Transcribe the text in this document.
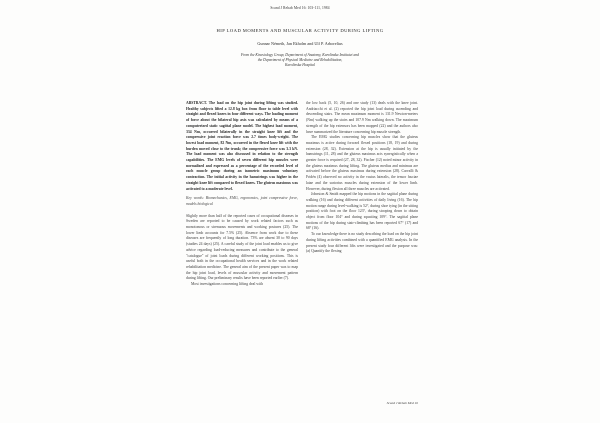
Scand J Rehab Med 16: 103-111, 1984
HIP LOAD MOMENTS AND MUSCULAR ACTIVITY DURING LIFTING
Gunnar Németh, Jan Ekholm and Ulf P. Arborelius
From the Kinesiology Group, Department of Anatomy, Karolinska Institutet and
the Department of Physical Medicine and Rehabilitation,
Karolinska Hospital

ABSTRACT. The load on the hip joint during lifting was studied. Healthy subjects lifted a 12.8 kg box from floor to table level with straight and flexed knees in four different ways. The loading moment of force about the bilateral hip axis was calculated by means of a computerized static sagittal plane model. The highest load moment, 334 Nm, occurred bilaterally in the straight knee lift and the compressive joint reaction force was 2.7 times body-weight. The lowest load moment, 82 Nm, occurred in the flexed knee lift with the burden moved close to the trunk; the compressive force was 3.3 kN. The load moment was also discussed in relation to the strength capabilities. The EMG levels of seven different hip muscles were normalized and expressed as a percentage of the recorded level of each muscle group during an isometric maximum voluntary contraction. The initial activity in the hamstrings was higher in the straight knee lift compared to flexed knees. The gluteus maximus was activated to a moderate level.

Key words: Biomechanics, EMG, ergonomics, joint compressive force, models biological

Slightly more than half of the reported cases of occupational diseases in Sweden are reported to be caused by work related factors such as monotonous or strenuous movements and working postures (25). The lower limb accounts for 7.5% (25). Absence from work due to these diseases are frequently of long duration. 73% are absent 30 to 90 days (studies 24 days) (25). A careful study of the joint load enables us to give advice regarding load-reducing measures and contribute to the general "catalogue" of joint loads during different working positions. This is useful both in the occupational health services and in the work related rehabilitation medicine. The general aim of the present paper was to map the hip joint load, levels of muscular activity and movement pattern during lifting. Our preliminary results have been reported earlier (7).

Most investigations concerning lifting deal with

the low back (5, 10, 26) and one study (13) deals with the knee joint. Andriacchi et al. (2) reported the hip joint load during ascending and descending stairs. The mean maximum moment is 131.9 Newton-meters (Nm) walking up the stairs and 107.9 Nm walking down. The maximum strength of the hip extensors has been mapped (22) and the authors also have summarized the literature concerning hip muscle strength.

The EMG studies concerning hip muscles show that the gluteus maximus is active during forward flexed positions (18, 19) and during extension (28, 32). Extension at the hip is usually initiated by the hamstrings (11, 28) and the gluteus maximus acts synergistically when a greater force is required (27, 28, 32). Fischer (12) noted minor activity in the gluteus maximus during lifting. The gluteus medius and minimus are activated before the gluteus maximus during extension (28). Carvalli & Fridén (4) observed no activity in the vastus lateralis, the tensor fasciae latae and the sartorius muscles during extension of the lower limb. However, during flexion all three muscles are activated.

Johnston & Smidt mapped the hip motions in the sagittal plane during walking (16) and during different activities of daily living (16). The hip motion range during level-walking is 52°, during shoe tying (in the sitting position) with foot on the floor 123°, during stooping down to obtain object from floor 104° and during squatting 109°. The sagittal plane motions of the hip during stair-climbing has been reported 67° (17) and 68° (16).

To our knowledge there is no study describing the load on the hip joint during lifting activities combined with a quantified EMG analysis. In the present study four different lifts were investigated and the purpose was: (a) Quantify the flexing

Scand J Rehab Med 16
